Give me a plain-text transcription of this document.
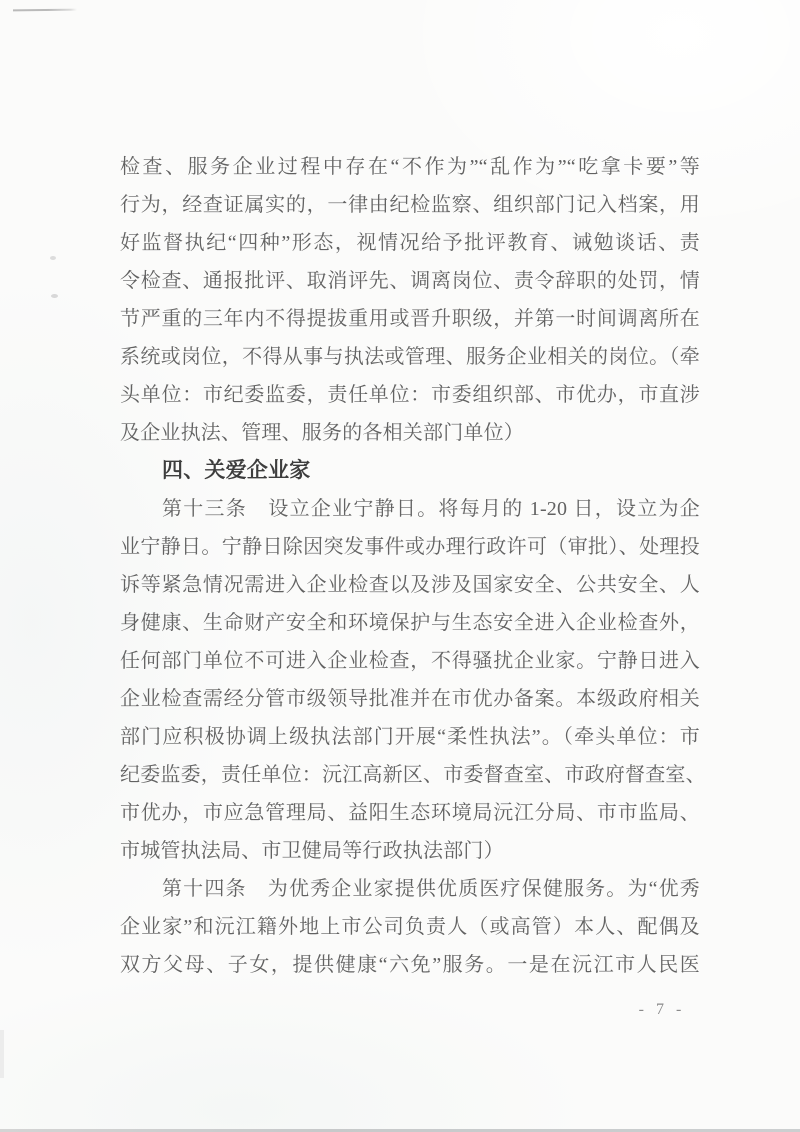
检查、服务企业过程中存在“不作为”“乱作为”“吃拿卡要”等
行为，经查证属实的，一律由纪检监察、组织部门记入档案，用
好监督执纪“四种”形态，视情况给予批评教育、诫勉谈话、责
令检查、通报批评、取消评先、调离岗位、责令辞职的处罚，情
节严重的三年内不得提拔重用或晋升职级，并第一时间调离所在
系统或岗位，不得从事与执法或管理、服务企业相关的岗位。（牵
头单位：市纪委监委，责任单位：市委组织部、市优办，市直涉
及企业执法、管理、服务的各相关部门单位）
四、关爱企业家
第十三条　设立企业宁静日。将每月的 1-20 日，设立为企
业宁静日。宁静日除因突发事件或办理行政许可（审批）、处理投
诉等紧急情况需进入企业检查以及涉及国家安全、公共安全、人
身健康、生命财产安全和环境保护与生态安全进入企业检查外，
任何部门单位不可进入企业检查，不得骚扰企业家。宁静日进入
企业检查需经分管市级领导批准并在市优办备案。本级政府相关
部门应积极协调上级执法部门开展“柔性执法”。（牵头单位：市
纪委监委，责任单位：沅江高新区、市委督查室、市政府督查室、
市优办，市应急管理局、益阳生态环境局沅江分局、市市监局、
市城管执法局、市卫健局等行政执法部门）
第十四条　为优秀企业家提供优质医疗保健服务。为“优秀
企业家”和沅江籍外地上市公司负责人（或高管）本人、配偶及
双方父母、子女，提供健康“六免”服务。一是在沅江市人民医
- 7 -
